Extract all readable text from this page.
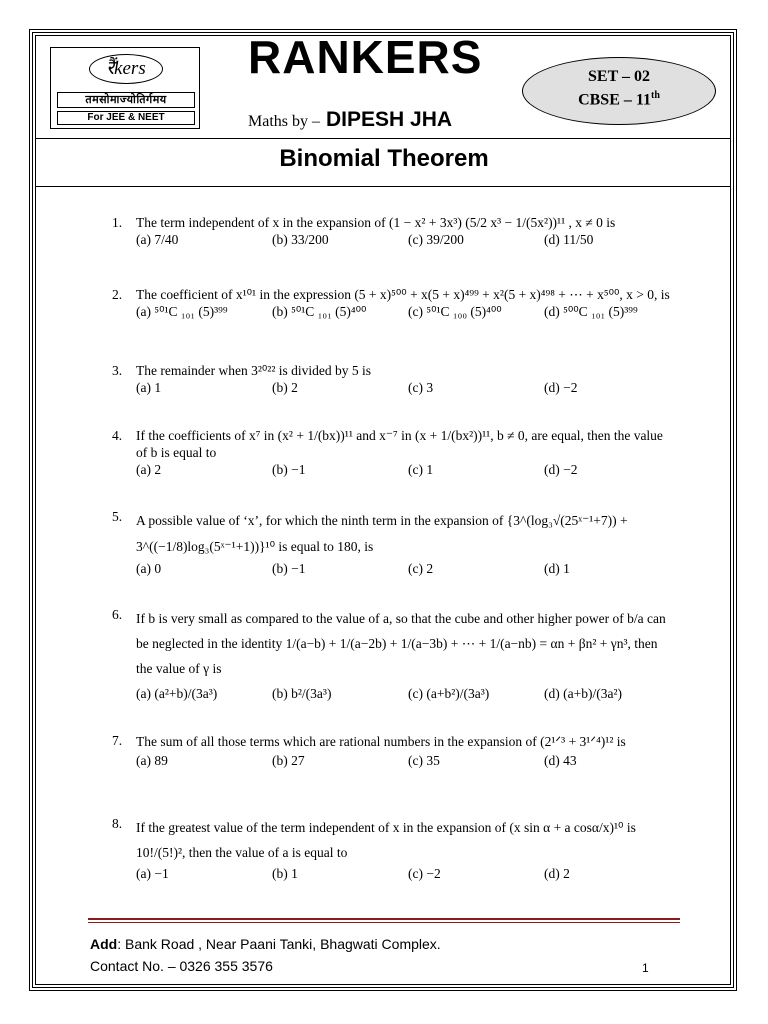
रैंkers
तमसोमाज्योतिर्गमय
For JEE & NEET
RANKERS
Maths by – DIPESH JHA
SET – 02
CBSE – 11th
Binomial Theorem
1. The term independent of x in the expansion of (1 − x² + 3x³) (5/2 x³ − 1/(5x²))¹¹ , x ≠ 0 is
(a) 7/40	(b) 33/200	(c) 39/200	(d) 11/50
2. The coefficient of x¹⁰¹ in the expression (5 + x)⁵⁰⁰ + x(5 + x)⁴⁹⁹ + x²(5 + x)⁴⁹⁸ + ⋯ + x⁵⁰⁰, x > 0, is
(a) ⁵⁰¹C ₁₀₁ (5)³⁹⁹	(b) ⁵⁰¹C ₁₀₁ (5)⁴⁰⁰	(c) ⁵⁰¹C ₁₀₀ (5)⁴⁰⁰	(d) ⁵⁰⁰C ₁₀₁ (5)³⁹⁹
3. The remainder when 3²⁰²² is divided by 5 is
(a) 1	(b) 2	(c) 3	(d) −2
4. If the coefficients of x⁷ in (x² + 1/(bx))¹¹ and x⁻⁷ in (x + 1/(bx²))¹¹, b ≠ 0, are equal, then the value of b is equal to
(a) 2	(b) −1	(c) 1	(d) −2
5. A possible value of ‘x’, for which the ninth term in the expansion of {3^(log₃√(25ˣ⁻¹+7)) + 3^((−1/8)log₃(5ˣ⁻¹+1))}¹⁰ is equal to 180, is
(a) 0	(b) −1	(c) 2	(d) 1
6. If b is very small as compared to the value of a, so that the cube and other higher power of b/a can be neglected in the identity 1/(a−b) + 1/(a−2b) + 1/(a−3b) + ⋯ + 1/(a−nb) = αn + βn² + γn³, then the value of γ is
(a) (a²+b)/(3a³)	(b) b²/(3a³)	(c) (a+b²)/(3a³)	(d) (a+b)/(3a²)
7. The sum of all those terms which are rational numbers in the expansion of (2¹ᐟ³ + 3¹ᐟ⁴)¹² is
(a) 89	(b) 27	(c) 35	(d) 43
8. If the greatest value of the term independent of x in the expansion of (x sin α + a cosα/x)¹⁰ is 10!/(5!)², then the value of a is equal to
(a) −1	(b) 1	(c) −2	(d) 2
Add: Bank Road , Near Paani Tanki, Bhagwati Complex.
Contact No. – 0326 355 3576	1
